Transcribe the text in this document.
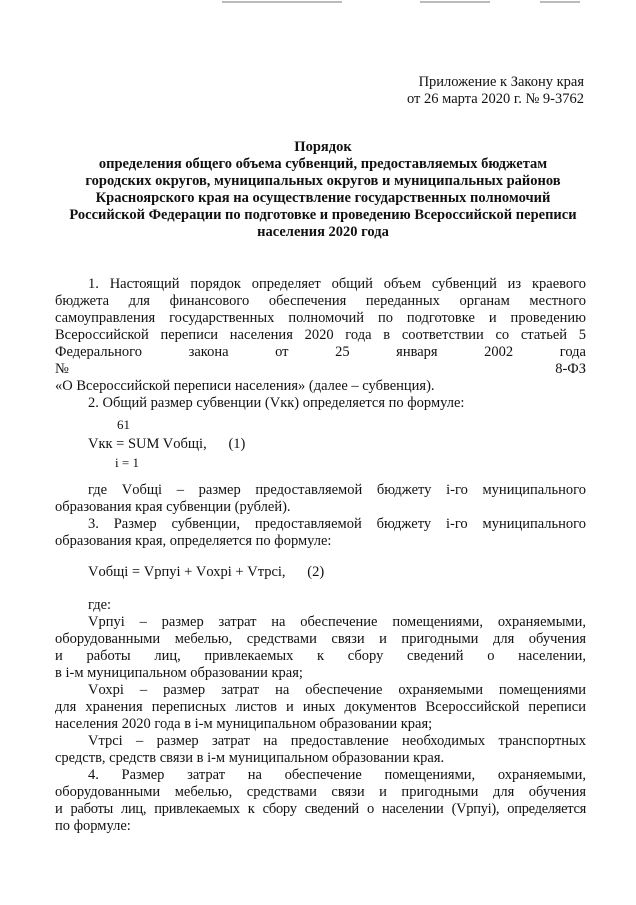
Приложение к Закону края
от 26 марта 2020 г. № 9-3762
Порядок
определения общего объема субвенций, предоставляемых бюджетам
городских округов, муниципальных округов и муниципальных районов
Красноярского края на осуществление государственных полномочий
Российской Федерации по подготовке и проведению Всероссийской переписи
населения 2020 года
1. Настоящий порядок определяет общий объем субвенций из краевого
бюджета для финансового обеспечения переданных органам местного
самоуправления государственных полномочий по подготовке и проведению
Всероссийской переписи населения 2020 года в соответствии со статьей 5
Федерального закона от 25 января 2002 года № 8-ФЗ
«О Всероссийской переписи населения» (далее – субвенция).
2. Общий размер субвенции (Vкк) определяется по формуле:
61
Vкк = SUM Vобщі,      (1)
і = 1
где Vобщі – размер предоставляемой бюджету і-го муниципального
образования края субвенции (рублей).
3. Размер субвенции, предоставляемой бюджету і-го муниципального
образования края, определяется по формуле:
Vобщі = Vрпуі + Vохрі + Vтрсі,      (2)
где:
Vрпуі – размер затрат на обеспечение помещениями, охраняемыми,
оборудованными мебелью, средствами связи и пригодными для обучения
и работы лиц, привлекаемых к сбору сведений о населении,
в і-м муниципальном образовании края;
Vохрі – размер затрат на обеспечение охраняемыми помещениями
для хранения переписных листов и иных документов Всероссийской переписи
населения 2020 года в і-м муниципальном образовании края;
Vтрсі – размер затрат на предоставление необходимых транспортных
средств, средств связи в і-м муниципальном образовании края.
4. Размер затрат на обеспечение помещениями, охраняемыми,
оборудованными мебелью, средствами связи и пригодными для обучения
и работы лиц, привлекаемых к сбору сведений о населении (Vрпуі), определяется
по формуле:
